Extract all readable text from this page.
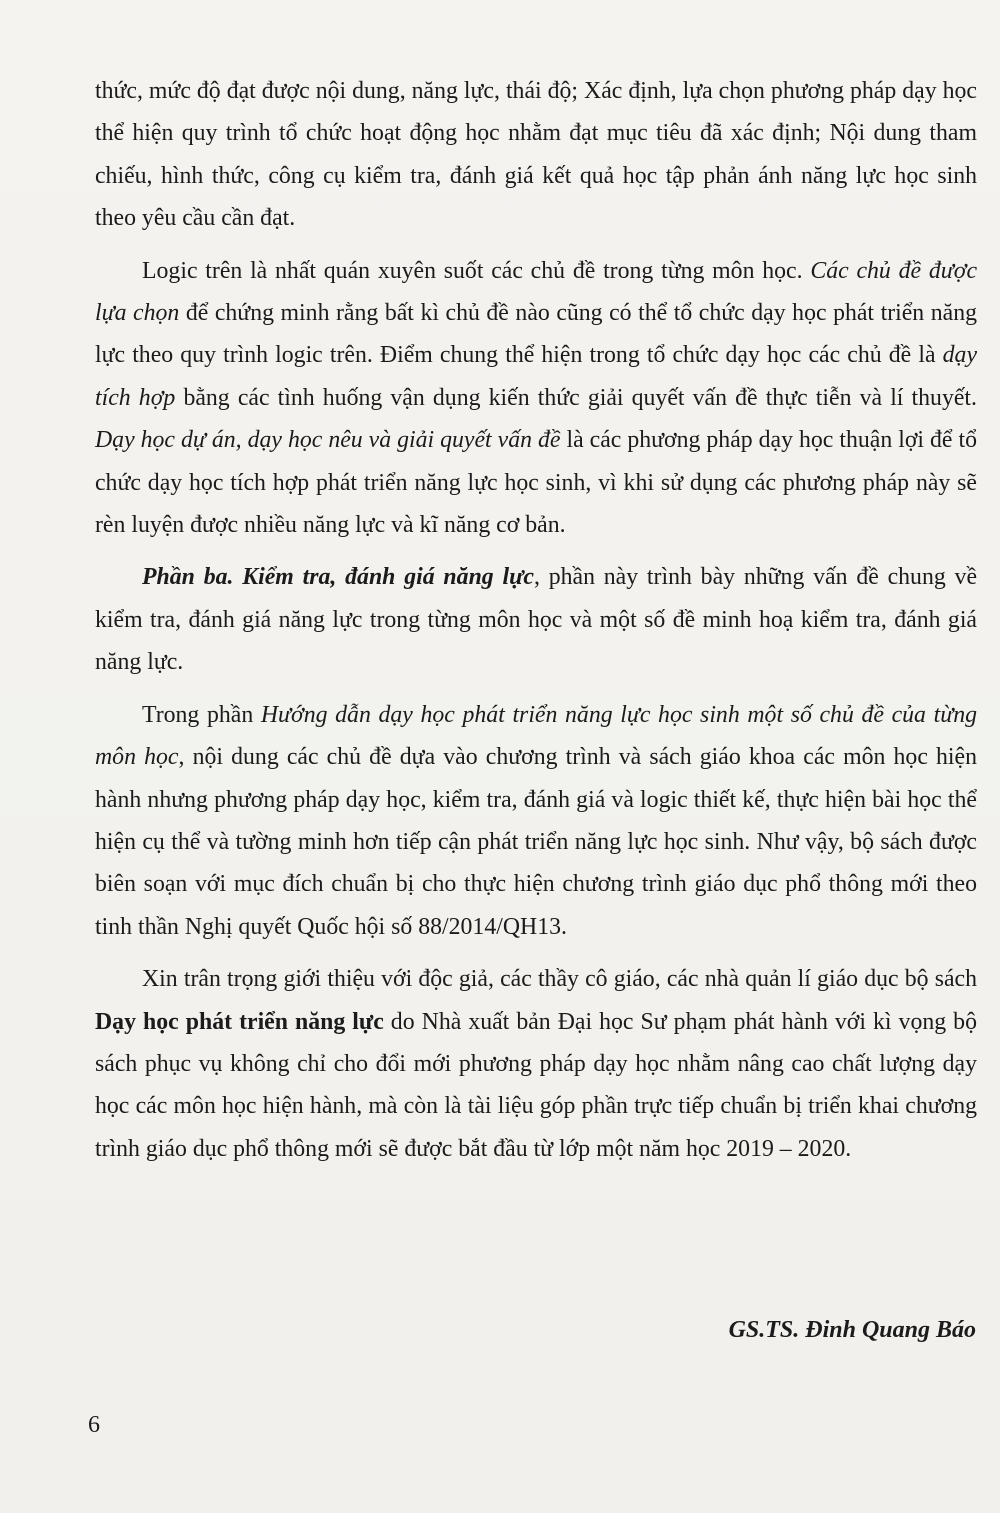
thức, mức độ đạt được nội dung, năng lực, thái độ; Xác định, lựa chọn phương pháp dạy học thể hiện quy trình tổ chức hoạt động học nhằm đạt mục tiêu đã xác định; Nội dung tham chiếu, hình thức, công cụ kiểm tra, đánh giá kết quả học tập phản ánh năng lực học sinh theo yêu cầu cần đạt.

Logic trên là nhất quán xuyên suốt các chủ đề trong từng môn học. Các chủ đề được lựa chọn để chứng minh rằng bất kì chủ đề nào cũng có thể tổ chức dạy học phát triển năng lực theo quy trình logic trên. Điểm chung thể hiện trong tổ chức dạy học các chủ đề là dạy tích hợp bằng các tình huống vận dụng kiến thức giải quyết vấn đề thực tiễn và lí thuyết. Dạy học dự án, dạy học nêu và giải quyết vấn đề là các phương pháp dạy học thuận lợi để tổ chức dạy học tích hợp phát triển năng lực học sinh, vì khi sử dụng các phương pháp này sẽ rèn luyện được nhiều năng lực và kĩ năng cơ bản.

Phần ba. Kiểm tra, đánh giá năng lực, phần này trình bày những vấn đề chung về kiểm tra, đánh giá năng lực trong từng môn học và một số đề minh hoạ kiểm tra, đánh giá năng lực.

Trong phần Hướng dẫn dạy học phát triển năng lực học sinh một số chủ đề của từng môn học, nội dung các chủ đề dựa vào chương trình và sách giáo khoa các môn học hiện hành nhưng phương pháp dạy học, kiểm tra, đánh giá và logic thiết kế, thực hiện bài học thể hiện cụ thể và tường minh hơn tiếp cận phát triển năng lực học sinh. Như vậy, bộ sách được biên soạn với mục đích chuẩn bị cho thực hiện chương trình giáo dục phổ thông mới theo tinh thần Nghị quyết Quốc hội số 88/2014/QH13.

Xin trân trọng giới thiệu với độc giả, các thầy cô giáo, các nhà quản lí giáo dục bộ sách Dạy học phát triển năng lực do Nhà xuất bản Đại học Sư phạm phát hành với kì vọng bộ sách phục vụ không chỉ cho đổi mới phương pháp dạy học nhằm nâng cao chất lượng dạy học các môn học hiện hành, mà còn là tài liệu góp phần trực tiếp chuẩn bị triển khai chương trình giáo dục phổ thông mới sẽ được bắt đầu từ lớp một năm học 2019 – 2020.

GS.TS. Đinh Quang Báo
6
